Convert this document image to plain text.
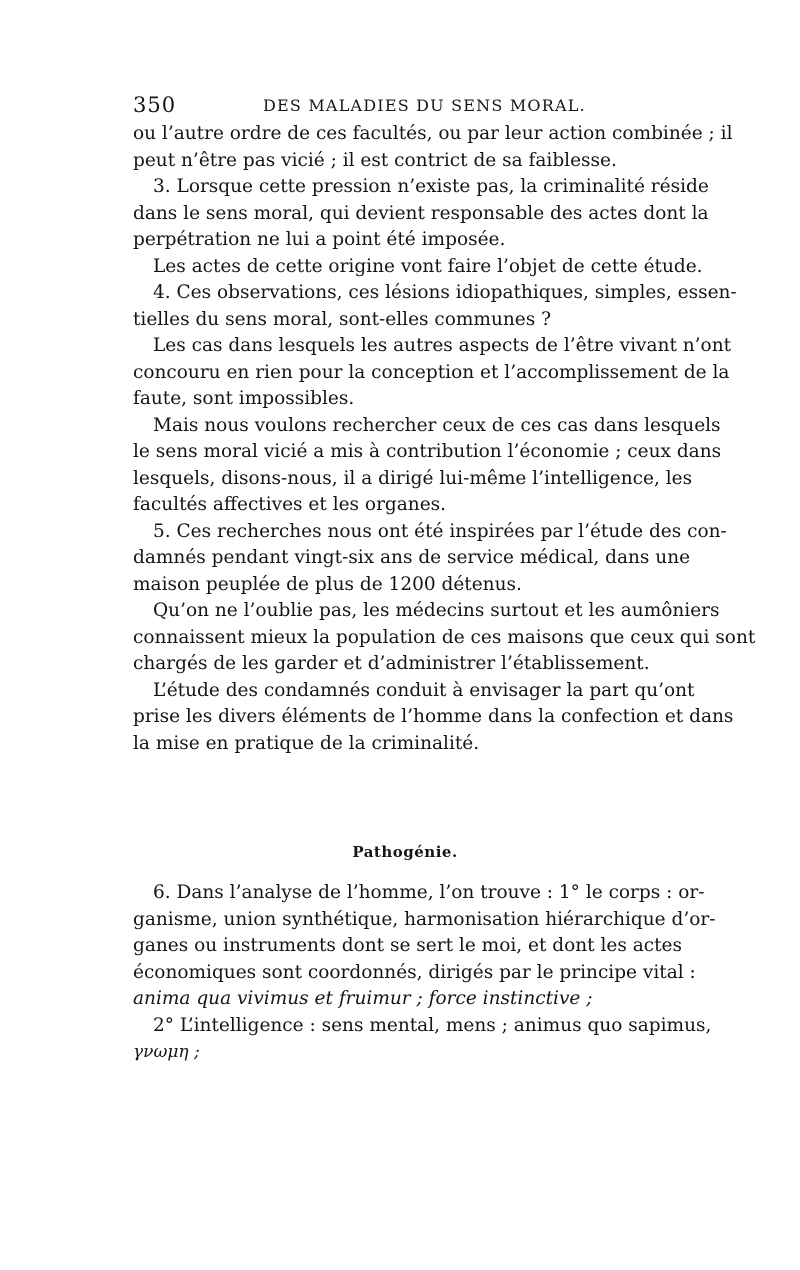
350	DES MALADIES DU SENS MORAL.
ou l’autre ordre de ces facultés, ou par leur action combinée ; il
peut n’être pas vicié ; il est contrict de sa faiblesse.
3. Lorsque cette pression n’existe pas, la criminalité réside
dans le sens moral, qui devient responsable des actes dont la
perpétration ne lui a point été imposée.
Les actes de cette origine vont faire l’objet de cette étude.
4. Ces observations, ces lésions idiopathiques, simples, essen-
tielles du sens moral, sont-elles communes ?
Les cas dans lesquels les autres aspects de l’être vivant n’ont
concouru en rien pour la conception et l’accomplissement de la
faute, sont impossibles.
Mais nous voulons rechercher ceux de ces cas dans lesquels
le sens moral vicié a mis à contribution l’économie ; ceux dans
lesquels, disons-nous, il a dirigé lui-même l’intelligence, les
facultés affectives et les organes.
5. Ces recherches nous ont été inspirées par l’étude des con-
damnés pendant vingt-six ans de service médical, dans une
maison peuplée de plus de 1200 détenus.
Qu’on ne l’oublie pas, les médecins surtout et les aumôniers
connaissent mieux la population de ces maisons que ceux qui sont
chargés de les garder et d’administrer l’établissement.
L’étude des condamnés conduit à envisager la part qu’ont
prise les divers éléments de l’homme dans la confection et dans
la mise en pratique de la criminalité.
Pathogénie.
6. Dans l’analyse de l’homme, l’on trouve : 1° le corps : or-
ganisme, union synthétique, harmonisation hiérarchique d’or-
ganes ou instruments dont se sert le moi, et dont les actes
économiques sont coordonnés, dirigés par le principe vital :
anima qua vivimus et fruimur ; force instinctive ;
2° L’intelligence : sens mental, mens ; animus quo sapimus,
γνωμη ;
